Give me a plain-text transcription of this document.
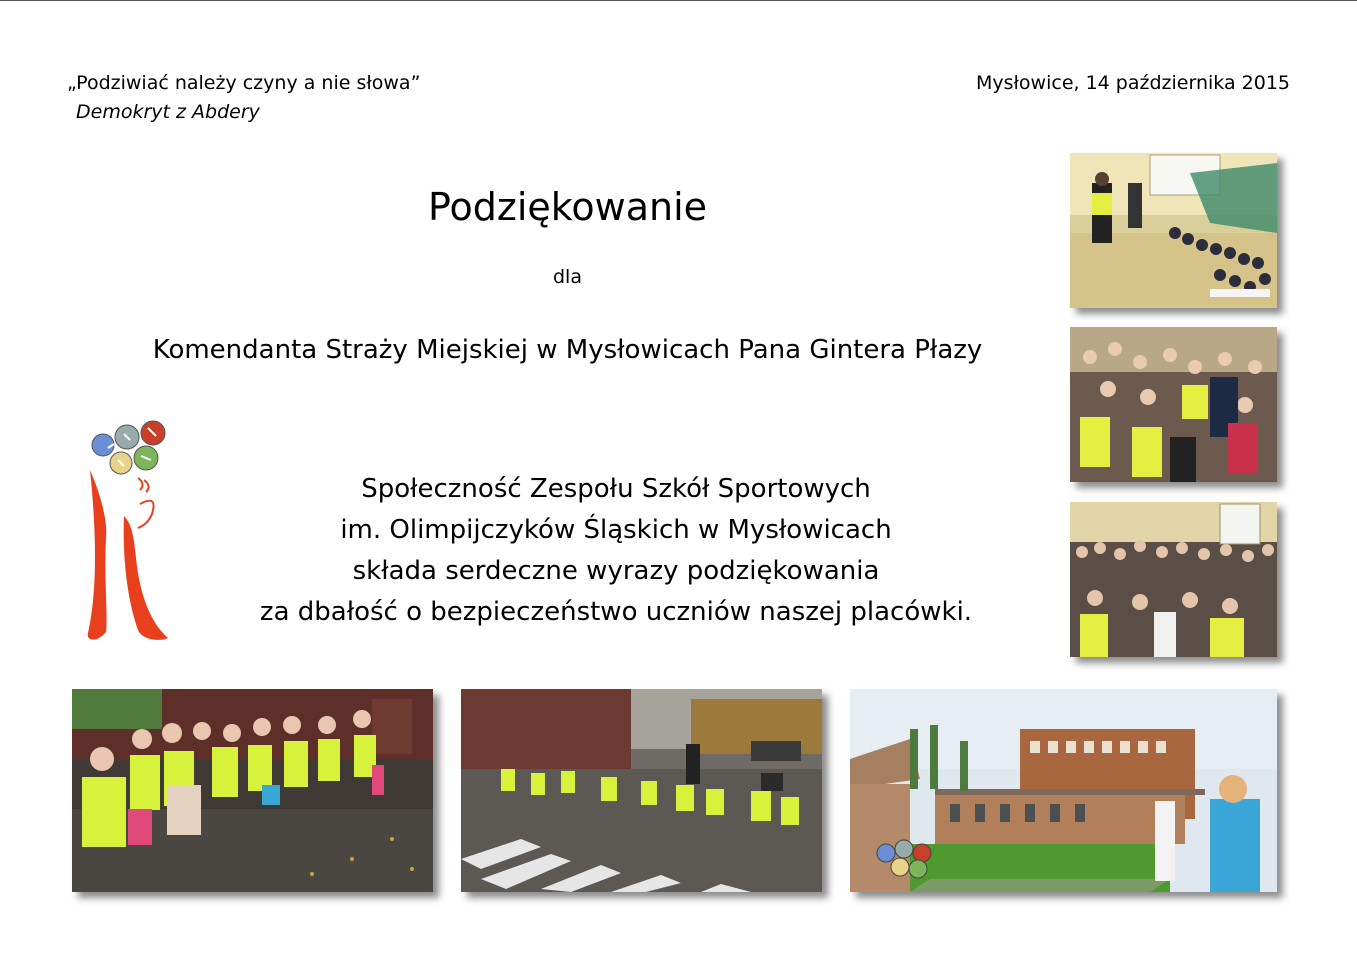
„Podziwiać należy czyny a nie słowa”
Demokryt z Abdery
Mysłowice, 14 października 2015
Podziękowanie
dla
Komendanta Straży Miejskiej w Mysłowicach Pana Gintera Płazy
Społeczność Zespołu Szkół Sportowych
im. Olimpijczyków Śląskich w Mysłowicach
składa serdeczne wyrazy podziękowania
za dbałość o bezpieczeństwo uczniów naszej placówki.
